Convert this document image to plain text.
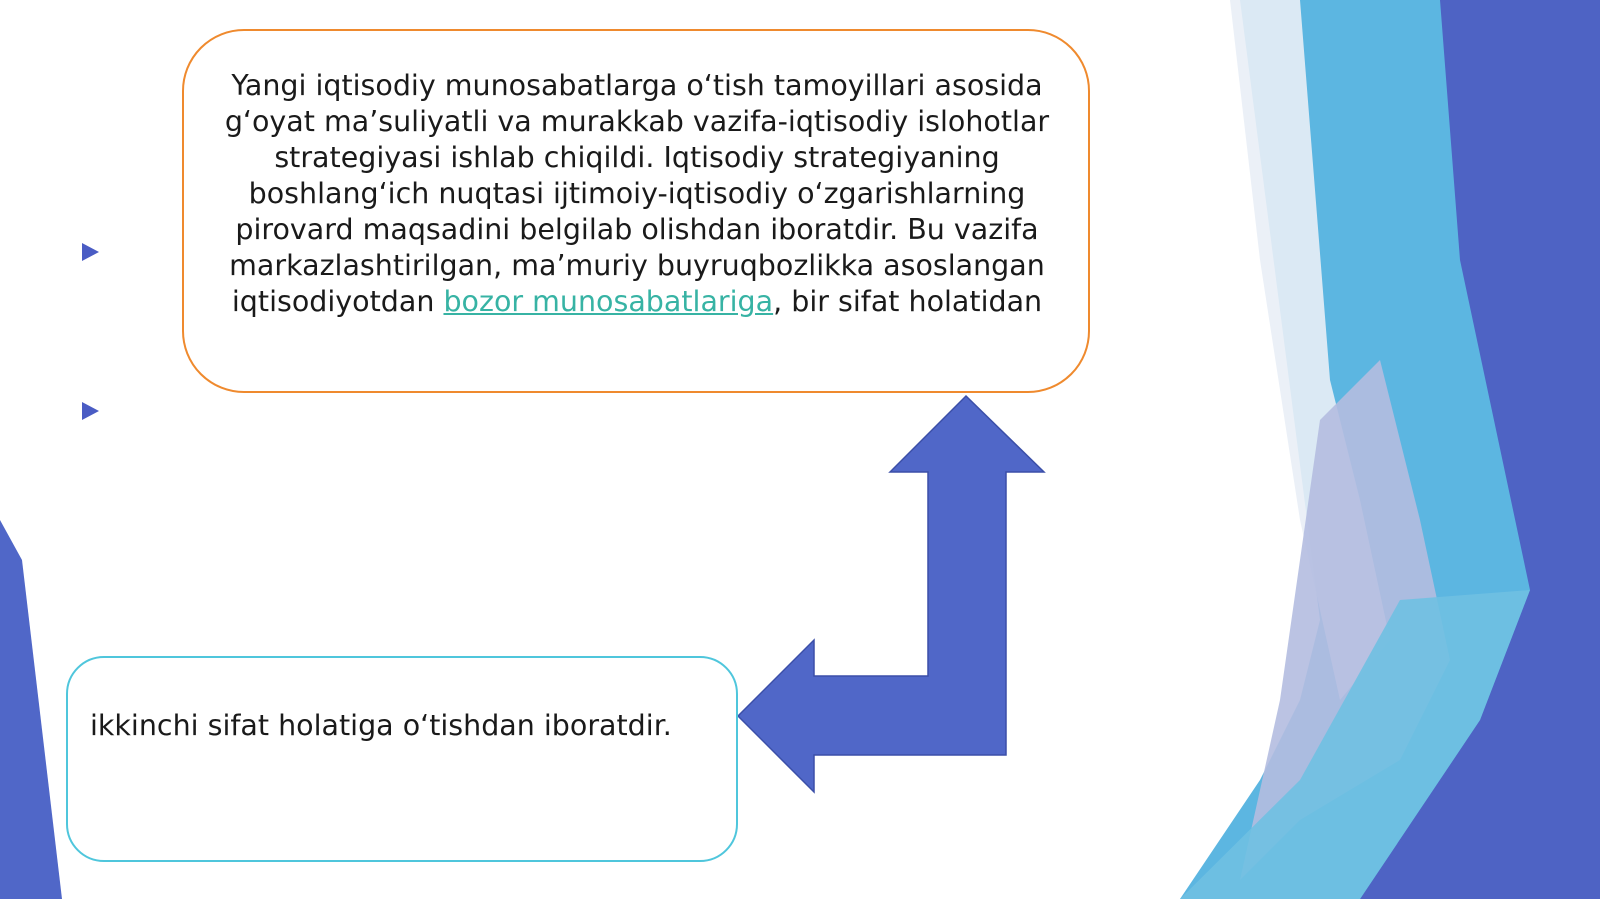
Yangi iqtisodiy munosabatlarga o‘tish tamoyillari asosida g‘oyat ma’suliyatli va murakkab vazifa-iqtisodiy islohotlar strategiyasi ishlab chiqildi. Iqtisodiy strategiyaning boshlang‘ich nuqtasi ijtimoiy-iqtisodiy o‘zgarishlarning pirovard maqsadini belgilab olishdan iboratdir. Bu vazifa markazlashtirilgan, ma’muriy buyruqbozlikka asoslangan iqtisodiyotdan bozor munosabatlariga, bir sifat holatidan
ikkinchi sifat holatiga o‘tishdan iboratdir.
